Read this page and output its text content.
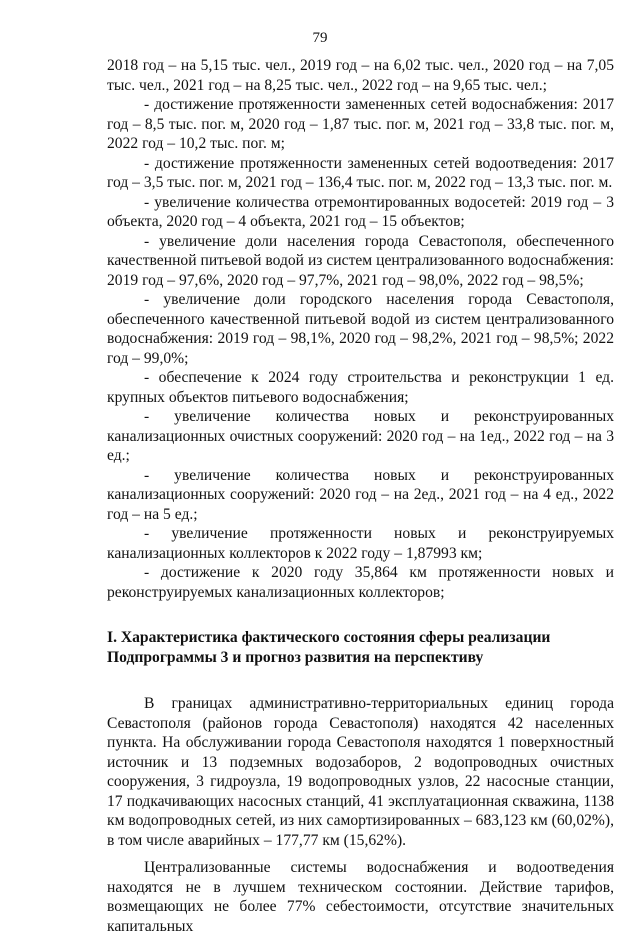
79

2018 год – на 5,15 тыс. чел., 2019 год – на 6,02 тыс. чел., 2020 год – на 7,05 тыс. чел., 2021 год – на 8,25 тыс. чел., 2022 год – на 9,65 тыс. чел.;

- достижение протяженности замененных сетей водоснабжения: 2017 год – 8,5 тыс. пог. м, 2020 год – 1,87 тыс. пог. м, 2021 год – 33,8 тыс. пог. м, 2022 год – 10,2 тыс. пог. м;

- достижение протяженности замененных сетей водоотведения: 2017 год – 3,5 тыс. пог. м, 2021 год – 136,4 тыс. пог. м, 2022 год – 13,3 тыс. пог. м.

- увеличение количества отремонтированных водосетей: 2019 год – 3 объекта, 2020 год – 4 объекта, 2021 год – 15 объектов;

- увеличение доли населения города Севастополя, обеспеченного качественной питьевой водой из систем централизованного водоснабжения: 2019 год – 97,6%, 2020 год – 97,7%, 2021 год – 98,0%, 2022 год – 98,5%;

- увеличение доли городского населения города Севастополя, обеспеченного качественной питьевой водой из систем централизованного водоснабжения: 2019 год – 98,1%, 2020 год – 98,2%, 2021 год – 98,5%; 2022 год – 99,0%;

- обеспечение к 2024 году строительства и реконструкции 1 ед. крупных объектов питьевого водоснабжения;

- увеличение количества новых и реконструированных канализационных очистных сооружений: 2020 год – на 1ед., 2022 год – на 3 ед.;

- увеличение количества новых и реконструированных канализационных сооружений: 2020 год – на 2ед., 2021 год – на 4 ед., 2022 год – на 5 ед.;

- увеличение протяженности новых и реконструируемых канализационных коллекторов к 2022 году – 1,87993 км;

- достижение к 2020 году 35,864 км протяженности новых и реконструируемых канализационных коллекторов;

I. Характеристика фактического состояния сферы реализации

Подпрограммы 3 и прогноз развития на перспективу

В границах административно-территориальных единиц города Севастополя (районов города Севастополя) находятся 42 населенных пункта. На обслуживании города Севастополя находятся 1 поверхностный источник и 13 подземных водозаборов, 2 водопроводных очистных сооружения, 3 гидроузла, 19 водопроводных узлов, 22 насосные станции, 17 подкачивающих насосных станций, 41 эксплуатационная скважина, 1138 км водопроводных сетей, из них самортизированных – 683,123 км (60,02%), в том числе аварийных – 177,77 км (15,62%).

Централизованные системы водоснабжения и водоотведения находятся не в лучшем техническом состоянии. Действие тарифов, возмещающих не более 77% себестоимости, отсутствие значительных капитальных
